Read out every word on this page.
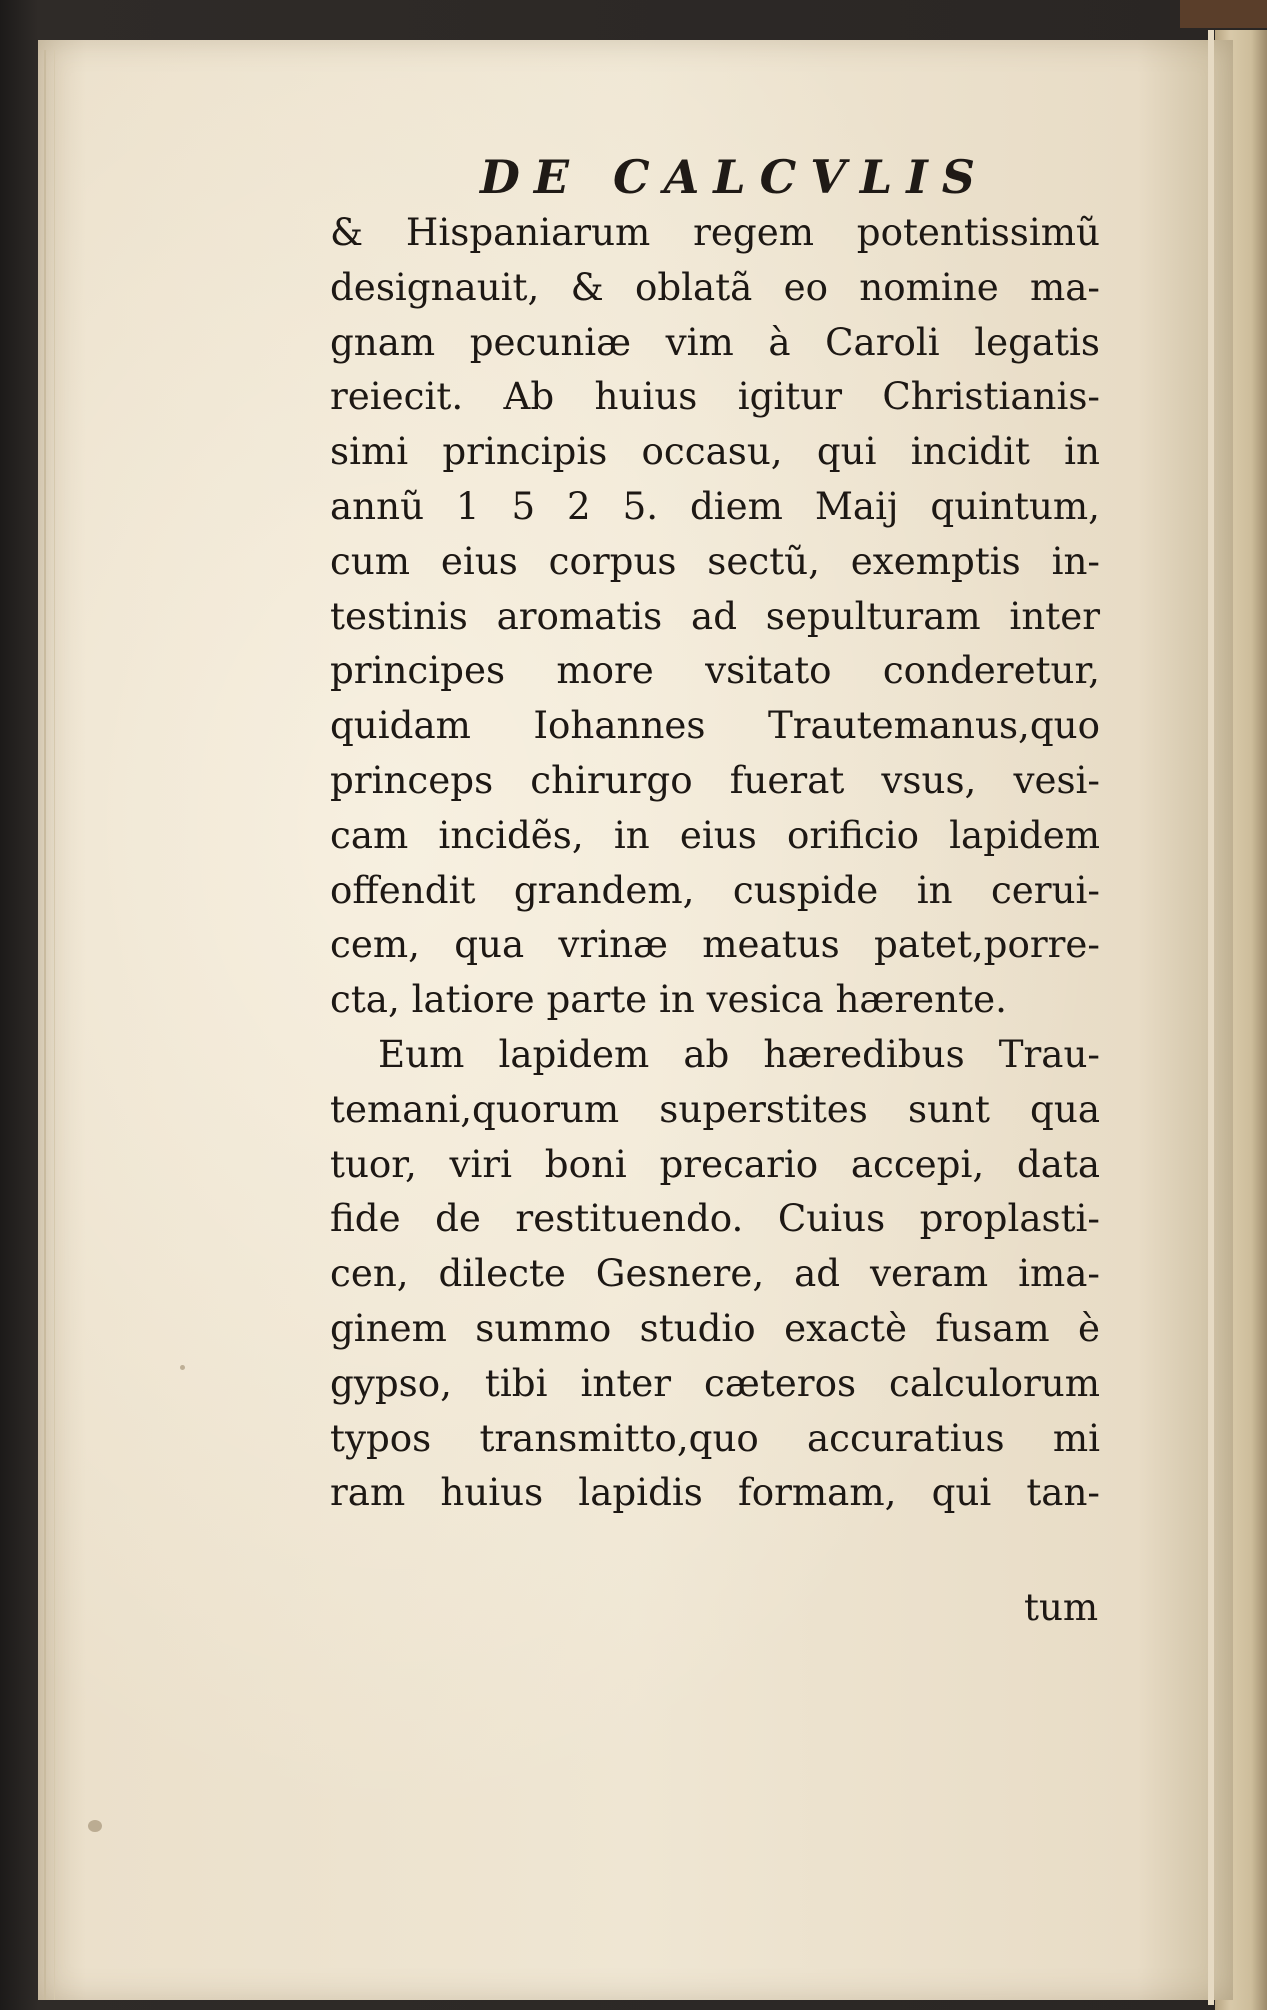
DE CALCVLIS
& Hispaniarum regem potentissimũ
designauit, & oblatã eo nomine ma-
gnam pecuniæ vim à Caroli legatis
reiecit. Ab huius igitur Christianis-
simi principis occasu, qui incidit in
annũ 1 5 2 5. diem Maij quintum,
cum eius corpus sectũ, exemptis in-
testinis aromatis ad sepulturam inter
principes more vsitato conderetur,
quidam Iohannes Trautemanus,quo
princeps chirurgo fuerat vsus, vesi-
cam incidẽs, in eius orificio lapidem
offendit grandem, cuspide in cerui-
cem, qua vrinæ meatus patet,porre-
cta, latiore parte in vesica hærente.
Eum lapidem ab hæredibus Trau-
temani,quorum superstites sunt qua
tuor, viri boni precario accepi, data
fide de restituendo. Cuius proplasti-
cen, dilecte Gesnere, ad veram ima-
ginem summo studio exactè fusam è
gypso, tibi inter cæteros calculorum
typos transmitto,quo accuratius mi
ram huius lapidis formam, qui tan-
tum
